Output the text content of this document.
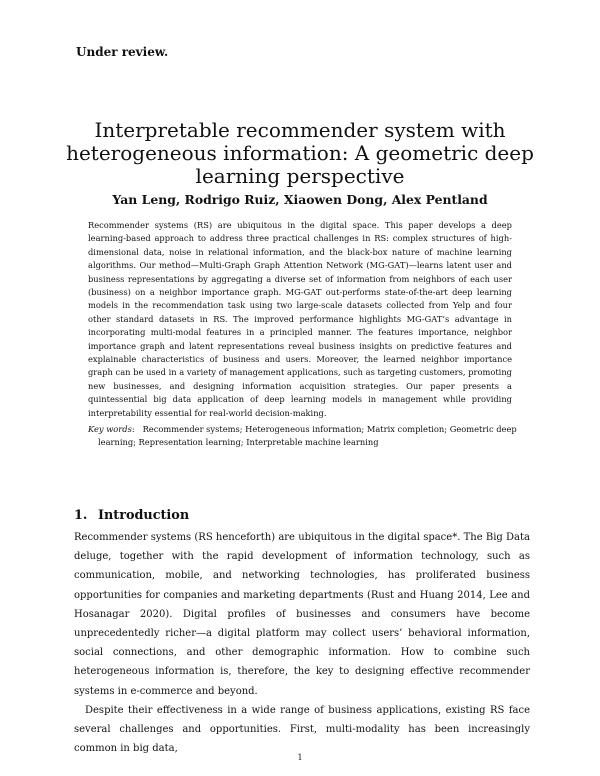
Under review.
Interpretable recommender system with
heterogeneous information: A geometric deep
learning perspective
Yan Leng, Rodrigo Ruiz, Xiaowen Dong, Alex Pentland
Recommender systems (RS) are ubiquitous in the digital space. This paper develops a deep learning-based approach to address three practical challenges in RS: complex structures of high-dimensional data, noise in relational information, and the black-box nature of machine learning algorithms. Our method—Multi-Graph Graph Attention Network (MG-GAT)—learns latent user and business representations by aggregating a diverse set of information from neighbors of each user (business) on a neighbor importance graph. MG-GAT out-performs state-of-the-art deep learning models in the recommendation task using two large-scale datasets collected from Yelp and four other standard datasets in RS. The improved performance highlights MG-GAT’s advantage in incorporating multi-modal features in a principled manner. The features importance, neighbor importance graph and latent representations reveal business insights on predictive features and explainable characteristics of business and users. Moreover, the learned neighbor importance graph can be used in a variety of management applications, such as targeting customers, promoting new businesses, and designing information acquisition strategies. Our paper presents a quintessential big data application of deep learning models in management while providing interpretability essential for real-world decision-making.
Key words:   Recommender systems; Heterogeneous information; Matrix completion; Geometric deep
learning; Representation learning; Interpretable machine learning
1. Introduction

Recommender systems (RS henceforth) are ubiquitous in the digital space*. The Big Data deluge, together with the rapid development of information technology, such as communication, mobile, and networking technologies, has proliferated business opportunities for companies and marketing departments (Rust and Huang 2014, Lee and Hosanagar 2020). Digital profiles of businesses and consumers have become unprecedentedly richer—a digital platform may collect users’ behavioral information, social connections, and other demographic information. How to combine such heterogeneous information is, therefore, the key to designing effective recommender systems in e-commerce and beyond.

Despite their effectiveness in a wide range of business applications, existing RS face several challenges and opportunities. First, multi-modality has been increasingly common in big data,

1
